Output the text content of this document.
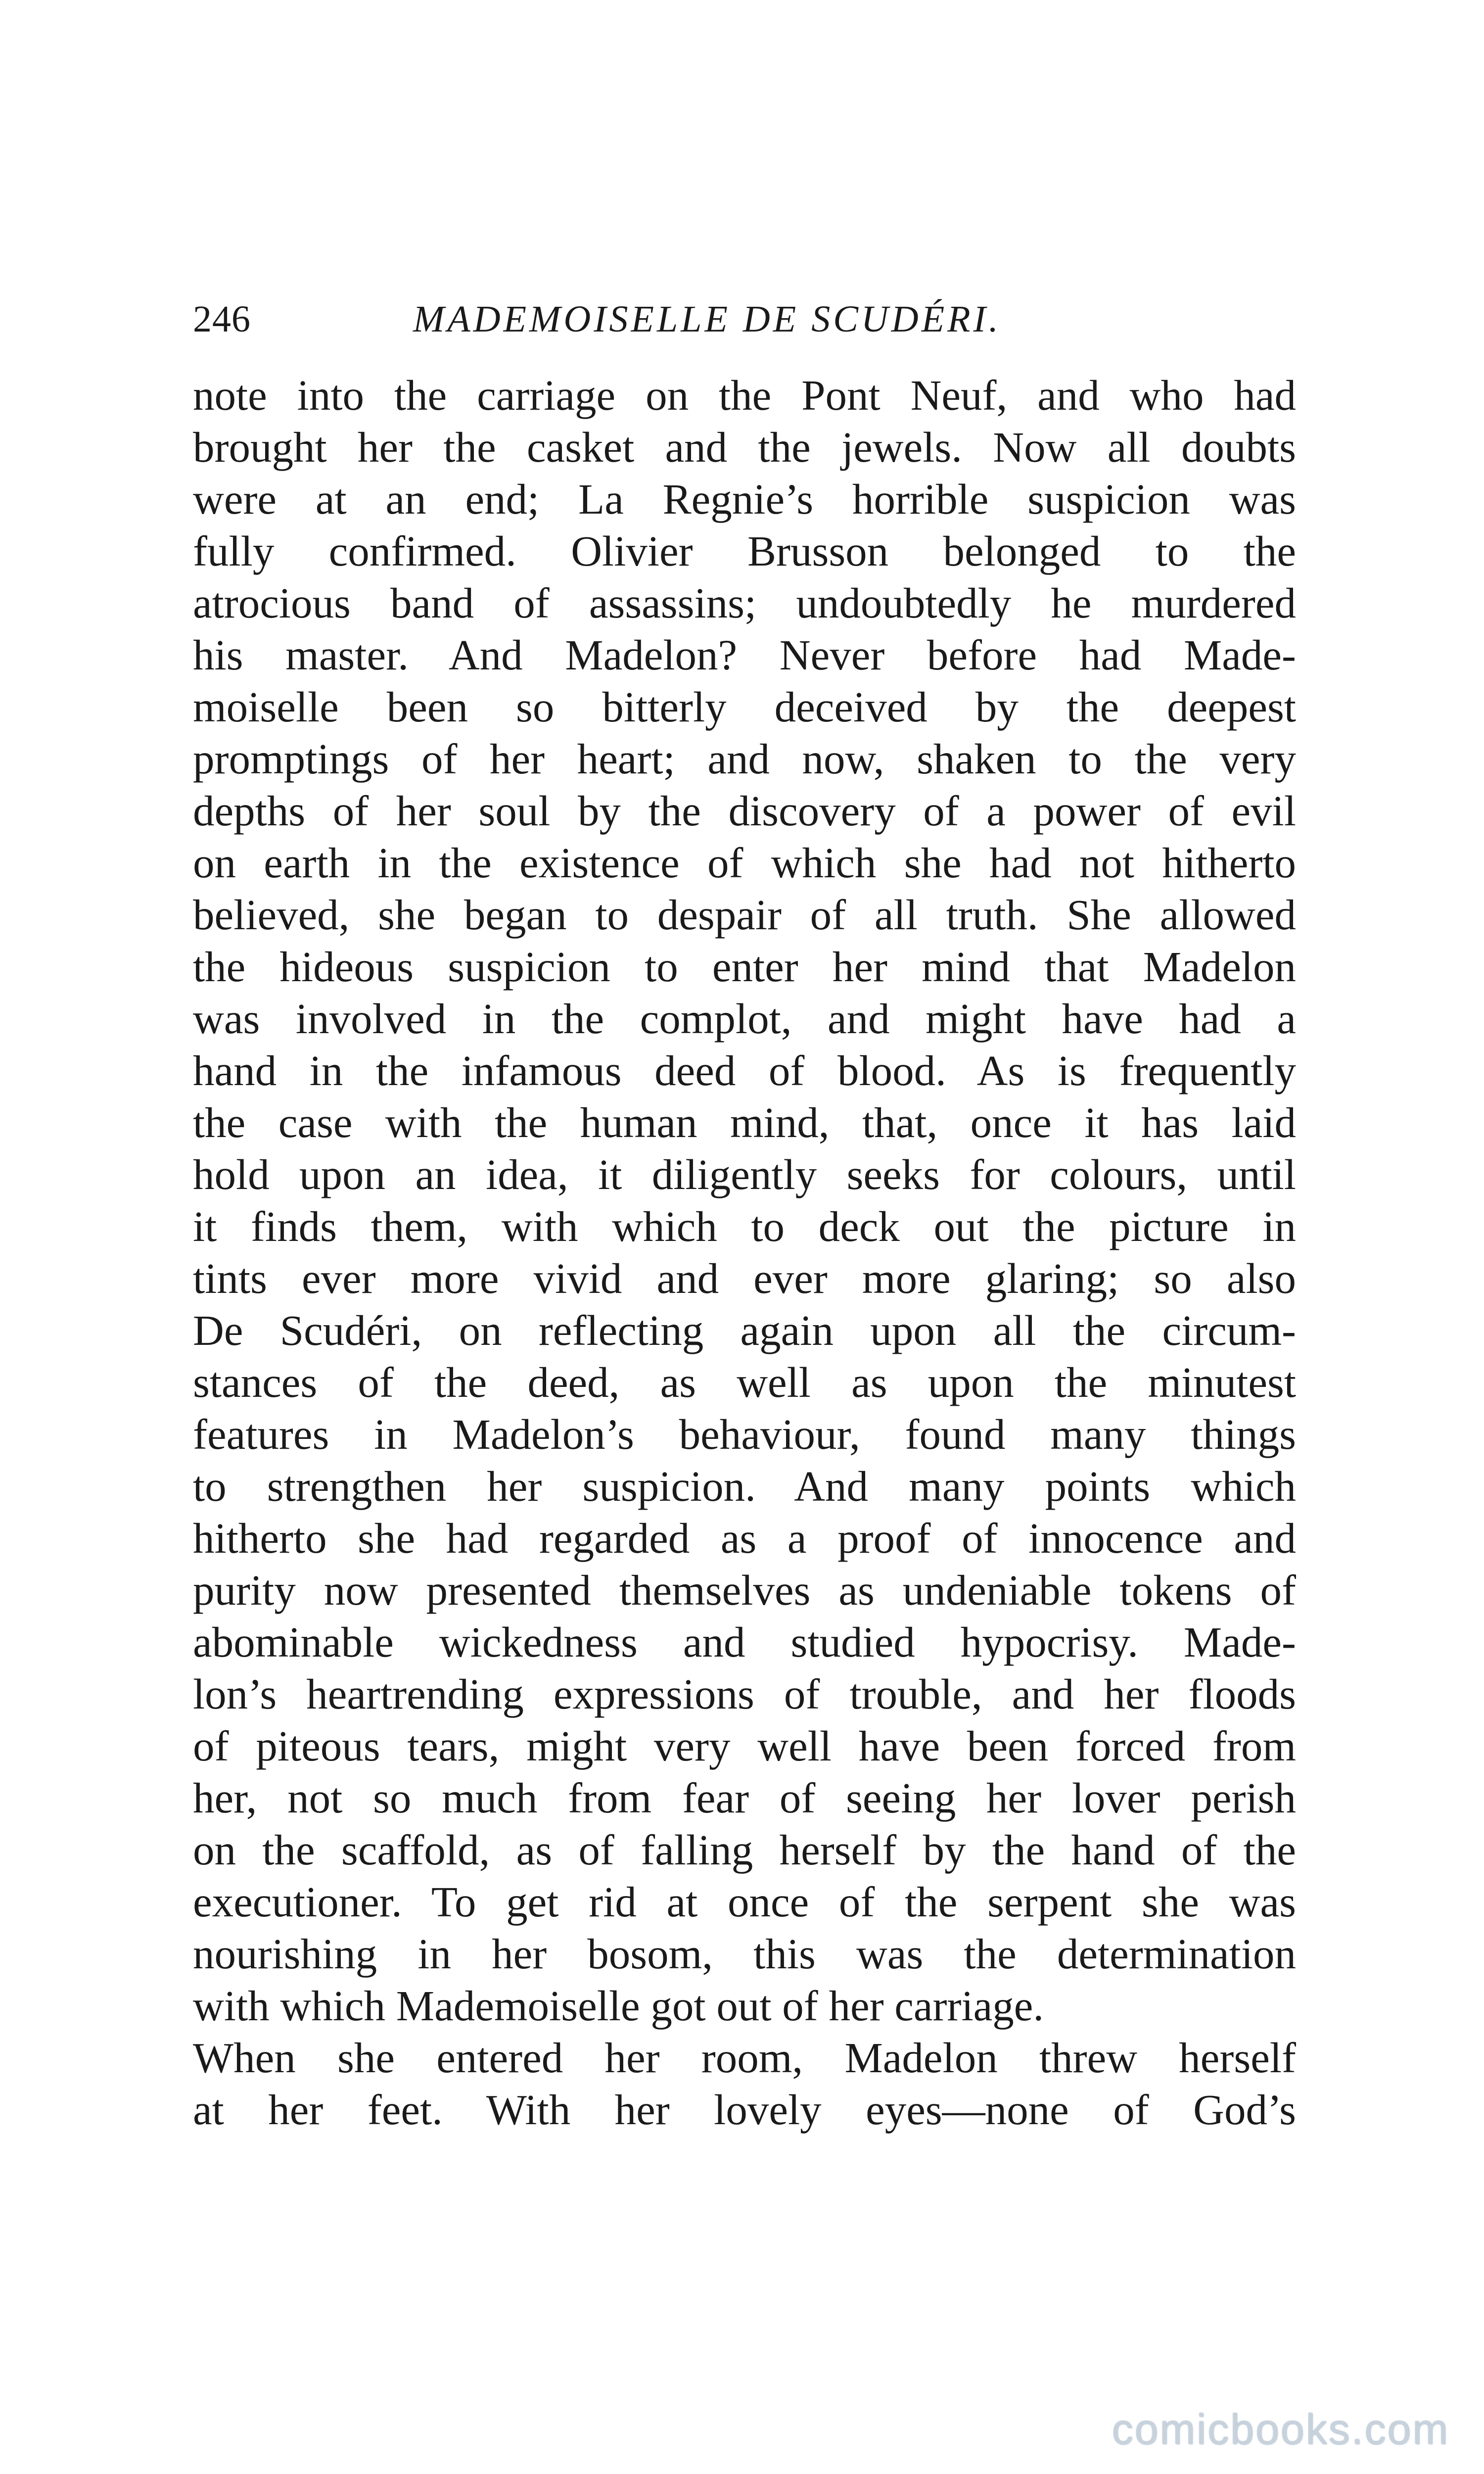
246	MADEMOISELLE DE SCUDÉRI.
note into the carriage on the Pont Neuf, and who had
brought her the casket and the jewels. Now all doubts
were at an end; La Regnie’s horrible suspicion was
fully confirmed. Olivier Brusson belonged to the
atrocious band of assassins; undoubtedly he murdered
his master. And Madelon? Never before had Made-
moiselle been so bitterly deceived by the deepest
promptings of her heart; and now, shaken to the very
depths of her soul by the discovery of a power of evil
on earth in the existence of which she had not hitherto
believed, she began to despair of all truth. She allowed
the hideous suspicion to enter her mind that Madelon
was involved in the complot, and might have had a
hand in the infamous deed of blood. As is frequently
the case with the human mind, that, once it has laid
hold upon an idea, it diligently seeks for colours, until
it finds them, with which to deck out the picture in
tints ever more vivid and ever more glaring; so also
De Scudéri, on reflecting again upon all the circum-
stances of the deed, as well as upon the minutest
features in Madelon’s behaviour, found many things
to strengthen her suspicion. And many points which
hitherto she had regarded as a proof of innocence and
purity now presented themselves as undeniable tokens of
abominable wickedness and studied hypocrisy. Made-
lon’s heartrending expressions of trouble, and her floods
of piteous tears, might very well have been forced from
her, not so much from fear of seeing her lover perish
on the scaffold, as of falling herself by the hand of the
executioner. To get rid at once of the serpent she was
nourishing in her bosom, this was the determination
with which Mademoiselle got out of her carriage.
When she entered her room, Madelon threw herself
at her feet. With her lovely eyes—none of God’s
comicbooks.com
